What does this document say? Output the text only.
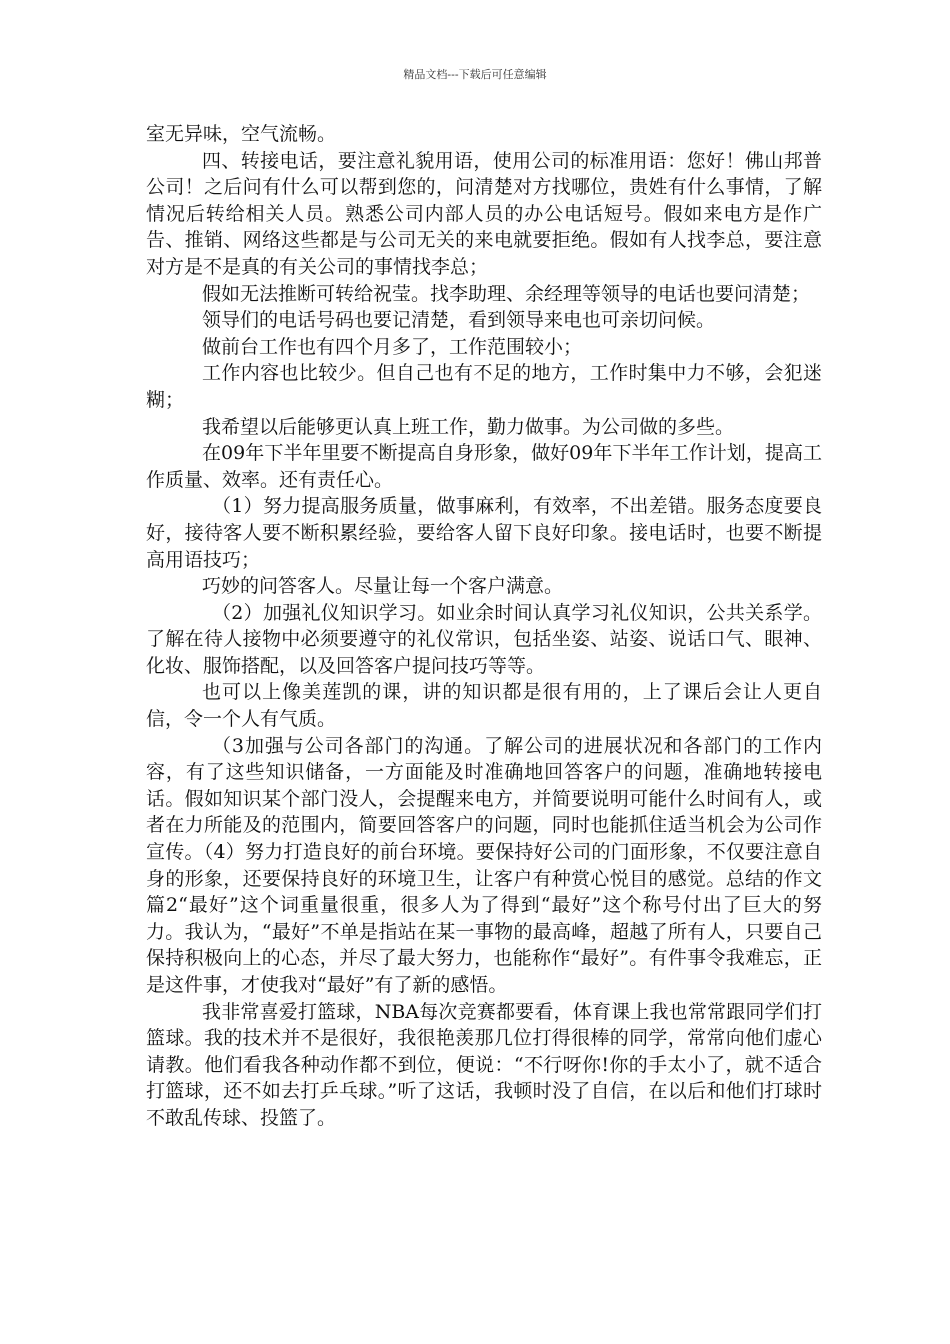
精品文档---下载后可任意编辑

室无异味，空气流畅。

四、转接电话，要注意礼貌用语，使用公司的标准用语：您好！佛山邦普公司！之后问有什么可以帮到您的，问清楚对方找哪位，贵姓有什么事情，了解情况后转给相关人员。熟悉公司内部人员的办公电话短号。假如来电方是作广告、推销、网络这些都是与公司无关的来电就要拒绝。假如有人找李总，要注意对方是不是真的有关公司的事情找李总；

假如无法推断可转给祝莹。找李助理、余经理等领导的电话也要问清楚；

领导们的电话号码也要记清楚，看到领导来电也可亲切问候。

做前台工作也有四个月多了，工作范围较小；

工作内容也比较少。但自己也有不足的地方，工作时集中力不够，会犯迷糊；

我希望以后能够更认真上班工作，勤力做事。为公司做的多些。

在09年下半年里要不断提高自身形象，做好09年下半年工作计划，提高工作质量、效率。还有责任心。

（1）努力提高服务质量，做事麻利，有效率，不出差错。服务态度要良好，接待客人要不断积累经验，要给客人留下良好印象。接电话时，也要不断提高用语技巧；

巧妙的问答客人。尽量让每一个客户满意。

（2）加强礼仪知识学习。如业余时间认真学习礼仪知识，公共关系学。了解在待人接物中必须要遵守的礼仪常识，包括坐姿、站姿、说话口气、眼神、化妆、服饰搭配，以及回答客户提问技巧等等。

也可以上像美莲凯的课，讲的知识都是很有用的，上了课后会让人更自信，令一个人有气质。

（3加强与公司各部门的沟通。了解公司的进展状况和各部门的工作内容，有了这些知识储备，一方面能及时准确地回答客户的问题，准确地转接电话。假如知识某个部门没人，会提醒来电方，并简要说明可能什么时间有人，或者在力所能及的范围内，简要回答客户的问题，同时也能抓住适当机会为公司作宣传。（4）努力打造良好的前台环境。要保持好公司的门面形象，不仅要注意自身的形象，还要保持良好的环境卫生，让客户有种赏心悦目的感觉。总结的作文 篇2“最好”这个词重量很重，很多人为了得到“最好”这个称号付出了巨大的努力。我认为，“最好”不单是指站在某一事物的最高峰，超越了所有人，只要自己保持积极向上的心态，并尽了最大努力，也能称作“最好”。有件事令我难忘，正是这件事，才使我对“最好”有了新的感悟。

我非常喜爱打篮球，NBA每次竞赛都要看，体育课上我也常常跟同学们打篮球。我的技术并不是很好，我很艳羡那几位打得很棒的同学，常常向他们虚心请教。他们看我各种动作都不到位，便说：“不行呀你!你的手太小了，就不适合打篮球，还不如去打乒乓球。”听了这话，我顿时没了自信，在以后和他们打球时不敢乱传球、投篮了。
